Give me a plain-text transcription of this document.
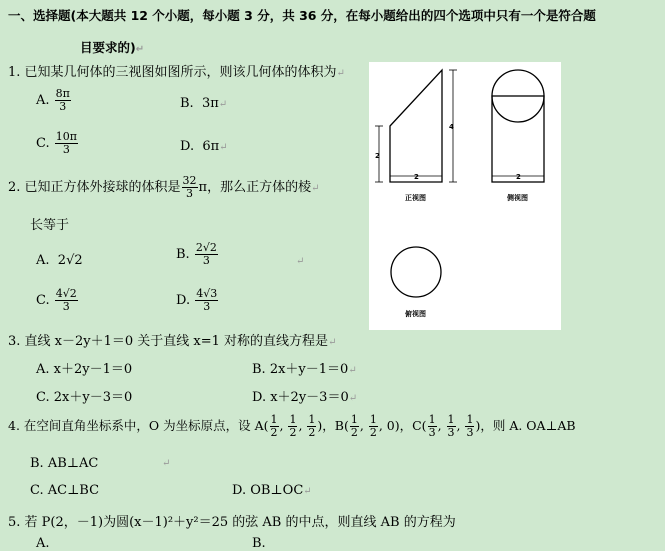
一、选择题(本大题共 12 个小题，每小题 3 分，共 36 分，在每小题给出的四个选项中只有一个是符合题
目要求的)↵
1. 已知某几何体的三视图如图所示，则该几何体的体积为↵
A. $\frac{8\pi}{3}$	B. 3π↵
C. $\frac{10\pi}{3}$	D. 6π↵
2. 已知正方体外接球的体积是 $\frac{32}{3}$ π，那么正方体的棱↵
长等于
A. 2√2	B. $\frac{2√2}{3}$	↵
C. $\frac{4√2}{3}$	D. $\frac{4√3}{3}$
3. 直线 x－2y＋1＝0 关于直线 x=1 对称的直线方程是↵
A. x＋2y－1＝0	B. 2x＋y－1＝0↵
C. 2x＋y－3＝0	D. x＋2y－3＝0↵
4. 在空间直角坐标系中，O 为坐标原点，设 $A( \frac{1}{2}$ , $\frac{1}{2}$ , $\frac{1}{2}$ )，$B( \frac{1}{2}$ , $\frac{1}{2}$ , 0)，$C( \frac{1}{3}$ , $\frac{1}{3}$ , $\frac{1}{3}$ )，则 A. OA⊥AB
B. AB⊥AC	↵
C. AC⊥BC	D. OB⊥OC↵
5. 若 P(2，－1)为圆(x－1)²＋y²＝25 的弦 AB 的中点，则直线 AB 的方程为
A.                                                 B.
2
2
4
2
正视图	侧视图
俯视图
